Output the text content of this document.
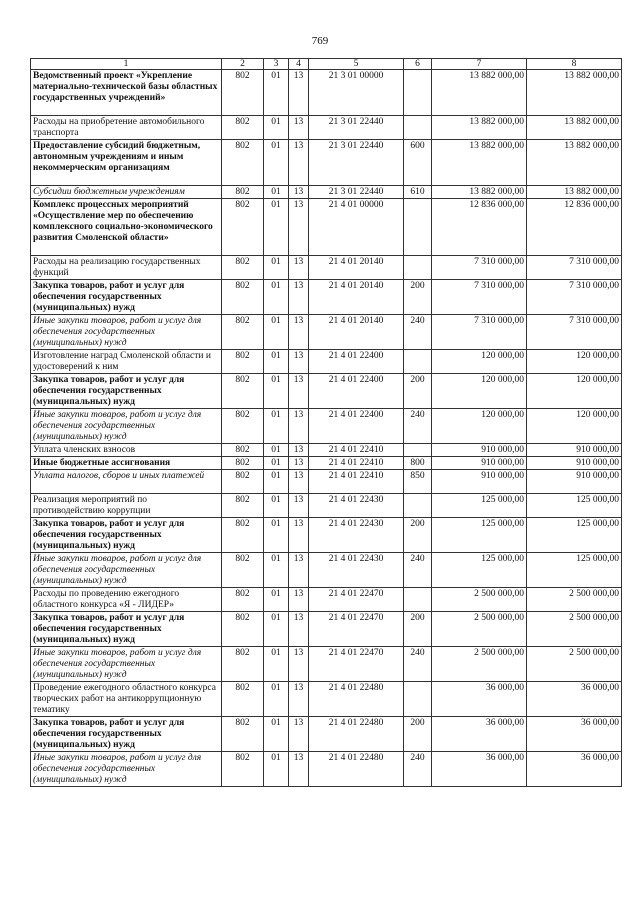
769
1	2	3	4	5	6	7	8
Ведомственный проект «Укрепление материально-технической базы областных государственных учреждений»	802	01	13	21 3 01 00000		13 882 000,00	13 882 000,00
Расходы на приобретение автомобильного транспорта	802	01	13	21 3 01 22440		13 882 000,00	13 882 000,00
Предоставление субсидий бюджетным, автономным учреждениям и иным некоммерческим организациям	802	01	13	21 3 01 22440	600	13 882 000,00	13 882 000,00
Субсидии бюджетным учреждениям	802	01	13	21 3 01 22440	610	13 882 000,00	13 882 000,00
Комплекс процессных мероприятий «Осуществление мер по обеспечению комплексного социально-экономического развития Смоленской области»	802	01	13	21 4 01 00000		12 836 000,00	12 836 000,00
Расходы на реализацию государственных функций	802	01	13	21 4 01 20140		7 310 000,00	7 310 000,00
Закупка товаров, работ и услуг для обеспечения государственных (муниципальных) нужд	802	01	13	21 4 01 20140	200	7 310 000,00	7 310 000,00
Иные закупки товаров, работ и услуг для обеспечения государственных (муниципальных) нужд	802	01	13	21 4 01 20140	240	7 310 000,00	7 310 000,00
Изготовление наград Смоленской области и удостоверений к ним	802	01	13	21 4 01 22400		120 000,00	120 000,00
Закупка товаров, работ и услуг для обеспечения государственных (муниципальных) нужд	802	01	13	21 4 01 22400	200	120 000,00	120 000,00
Иные закупки товаров, работ и услуг для обеспечения государственных (муниципальных) нужд	802	01	13	21 4 01 22400	240	120 000,00	120 000,00
Уплата членских взносов	802	01	13	21 4 01 22410		910 000,00	910 000,00
Иные бюджетные ассигнования	802	01	13	21 4 01 22410	800	910 000,00	910 000,00
Уплата налогов, сборов и иных платежей	802	01	13	21 4 01 22410	850	910 000,00	910 000,00
Реализация мероприятий по противодействию коррупции	802	01	13	21 4 01 22430		125 000,00	125 000,00
Закупка товаров, работ и услуг для обеспечения государственных (муниципальных) нужд	802	01	13	21 4 01 22430	200	125 000,00	125 000,00
Иные закупки товаров, работ и услуг для обеспечения государственных (муниципальных) нужд	802	01	13	21 4 01 22430	240	125 000,00	125 000,00
Расходы по проведению ежегодного областного конкурса «Я - ЛИДЕР»	802	01	13	21 4 01 22470		2 500 000,00	2 500 000,00
Закупка товаров, работ и услуг для обеспечения государственных (муниципальных) нужд	802	01	13	21 4 01 22470	200	2 500 000,00	2 500 000,00
Иные закупки товаров, работ и услуг для обеспечения государственных (муниципальных) нужд	802	01	13	21 4 01 22470	240	2 500 000,00	2 500 000,00
Проведение ежегодного областного конкурса творческих работ на антикоррупционную тематику	802	01	13	21 4 01 22480		36 000,00	36 000,00
Закупка товаров, работ и услуг для обеспечения государственных (муниципальных) нужд	802	01	13	21 4 01 22480	200	36 000,00	36 000,00
Иные закупки товаров, работ и услуг для обеспечения государственных (муниципальных) нужд	802	01	13	21 4 01 22480	240	36 000,00	36 000,00
